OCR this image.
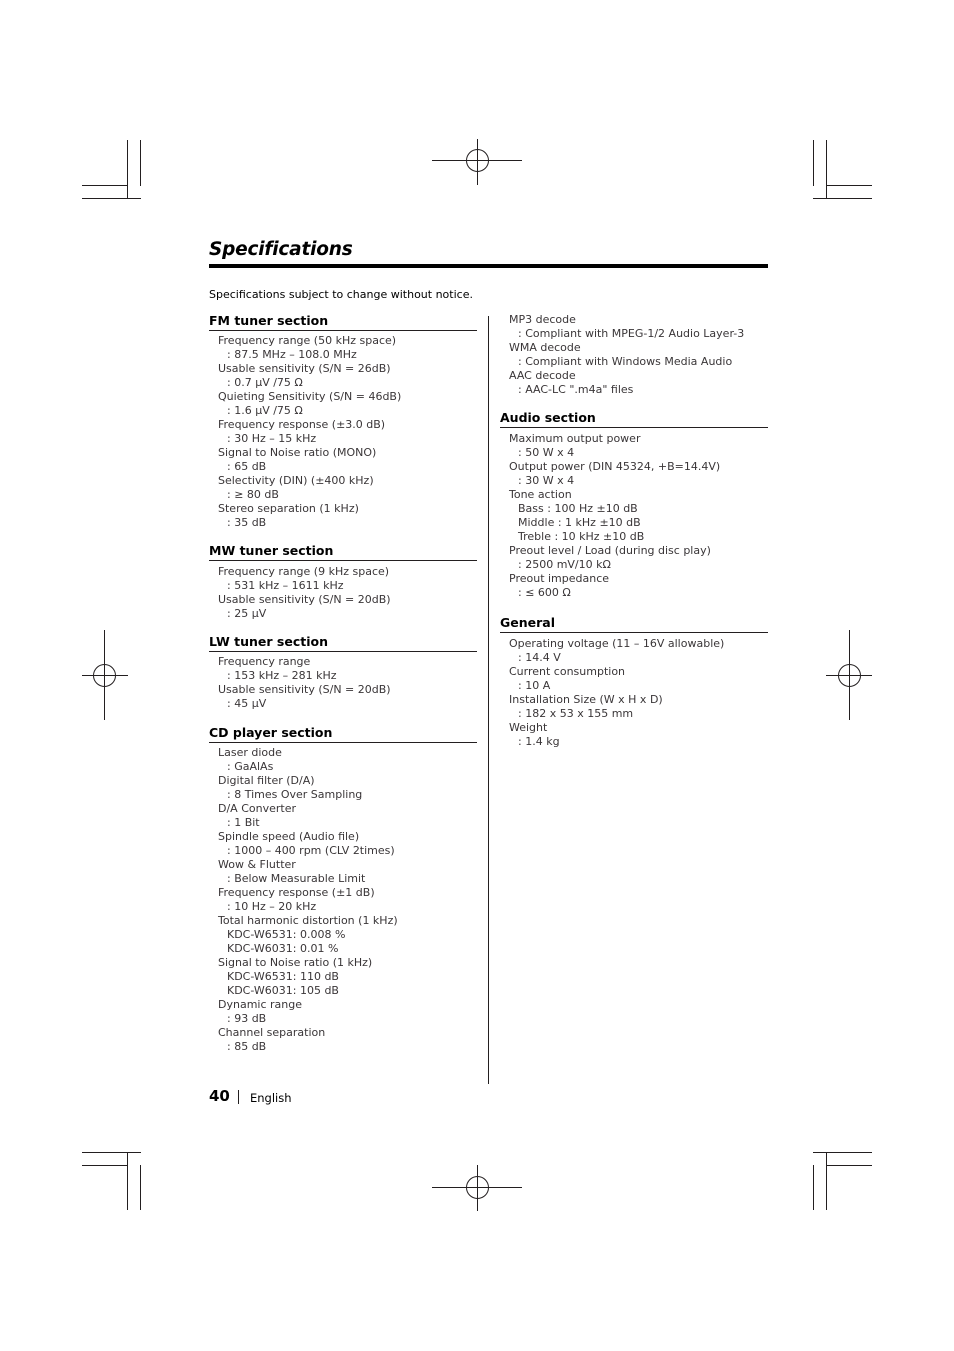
Specifications
Specifications subject to change without notice.
FM tuner section
Frequency range (50 kHz space)
: 87.5 MHz – 108.0 MHz
Usable sensitivity (S/N = 26dB)
: 0.7 μV /75 Ω
Quieting Sensitivity (S/N = 46dB)
: 1.6 μV /75 Ω
Frequency response (±3.0 dB)
: 30 Hz – 15 kHz
Signal to Noise ratio (MONO)
: 65 dB
Selectivity (DIN) (±400 kHz)
: ≥ 80 dB
Stereo separation (1 kHz)
: 35 dB
MW tuner section
Frequency range (9 kHz space)
: 531 kHz – 1611 kHz
Usable sensitivity (S/N = 20dB)
: 25 μV
LW tuner section
Frequency range
: 153 kHz – 281 kHz
Usable sensitivity (S/N = 20dB)
: 45 μV
CD player section
Laser diode
: GaAlAs
Digital filter (D/A)
: 8 Times Over Sampling
D/A Converter
: 1 Bit
Spindle speed (Audio file)
: 1000 – 400 rpm (CLV 2times)
Wow & Flutter
: Below Measurable Limit
Frequency response (±1 dB)
: 10 Hz – 20 kHz
Total harmonic distortion (1 kHz)
KDC-W6531: 0.008 %
KDC-W6031: 0.01 %
Signal to Noise ratio (1 kHz)
KDC-W6531: 110 dB
KDC-W6031: 105 dB
Dynamic range
: 93 dB
Channel separation
: 85 dB
MP3 decode
: Compliant with MPEG-1/2 Audio Layer-3
WMA decode
: Compliant with Windows Media Audio
AAC decode
: AAC-LC ".m4a" files
Audio section
Maximum output power
: 50 W x 4
Output power (DIN 45324, +B=14.4V)
: 30 W x 4
Tone action
Bass : 100 Hz ±10 dB
Middle : 1 kHz ±10 dB
Treble : 10 kHz ±10 dB
Preout level / Load (during disc play)
: 2500 mV/10 kΩ
Preout impedance
: ≤ 600 Ω
General
Operating voltage (11 – 16V allowable)
: 14.4 V
Current consumption
: 10 A
Installation Size (W x H x D)
: 182 x 53 x 155 mm
Weight
: 1.4 kg
40 English
